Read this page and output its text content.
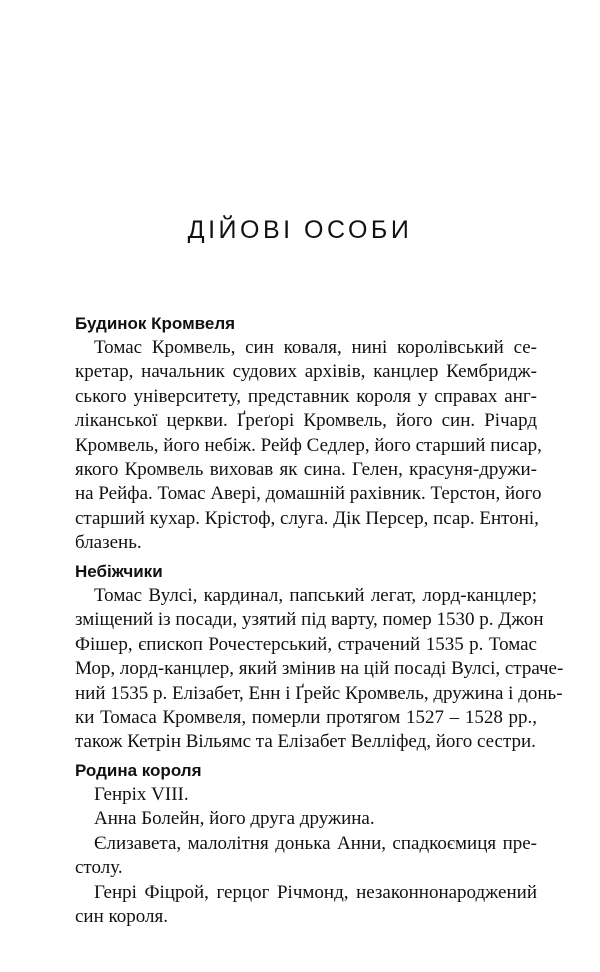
ДІЙОВІ ОСОБИ
Будинок Кромвеля
 Томас Кромвель, син коваля, нині королівський се-
кретар, начальник судових архівів, канцлер Кембридж-
ського університету, представник короля у справах анг-
ліканської церкви. Ґреґорі Кромвель, його син. Річард
Кромвель, його небіж. Рейф Седлер, його старший писар,
якого Кромвель виховав як сина. Гелен, красуня-дружи-
на Рейфа. Томас Аверi, домашній рахівник. Терстон, його
старший кухар. Крістоф, слуга. Дік Персер, псар. Ентоні,
блазень.
Небіжчики
 Томас Вулсі, кардинал, папський легат, лорд-канцлер;
зміщений із посади, узятий під варту, помер 1530 р. Джон
Фішер, єпископ Рочестерський, страчений 1535 р. Томас
Мор, лорд-канцлер, який змінив на цій посаді Вулсі, страче-
ний 1535 р. Елізабет, Енн і Ґрейс Кромвель, дружина і донь-
ки Томаса Кромвеля, померли протягом 1527 – 1528 рр.,
також Кетрін Вільямс та Елізабет Велліфед, його сестри.
Родина короля
 Генріх VIII.
 Анна Болейн, його друга дружина.
 Єлизавета, малолітня донька Анни, спадкоємиця пре-
столу.
 Генрі Фіцрой, герцог Річмонд, незаконнонароджений
син короля.
